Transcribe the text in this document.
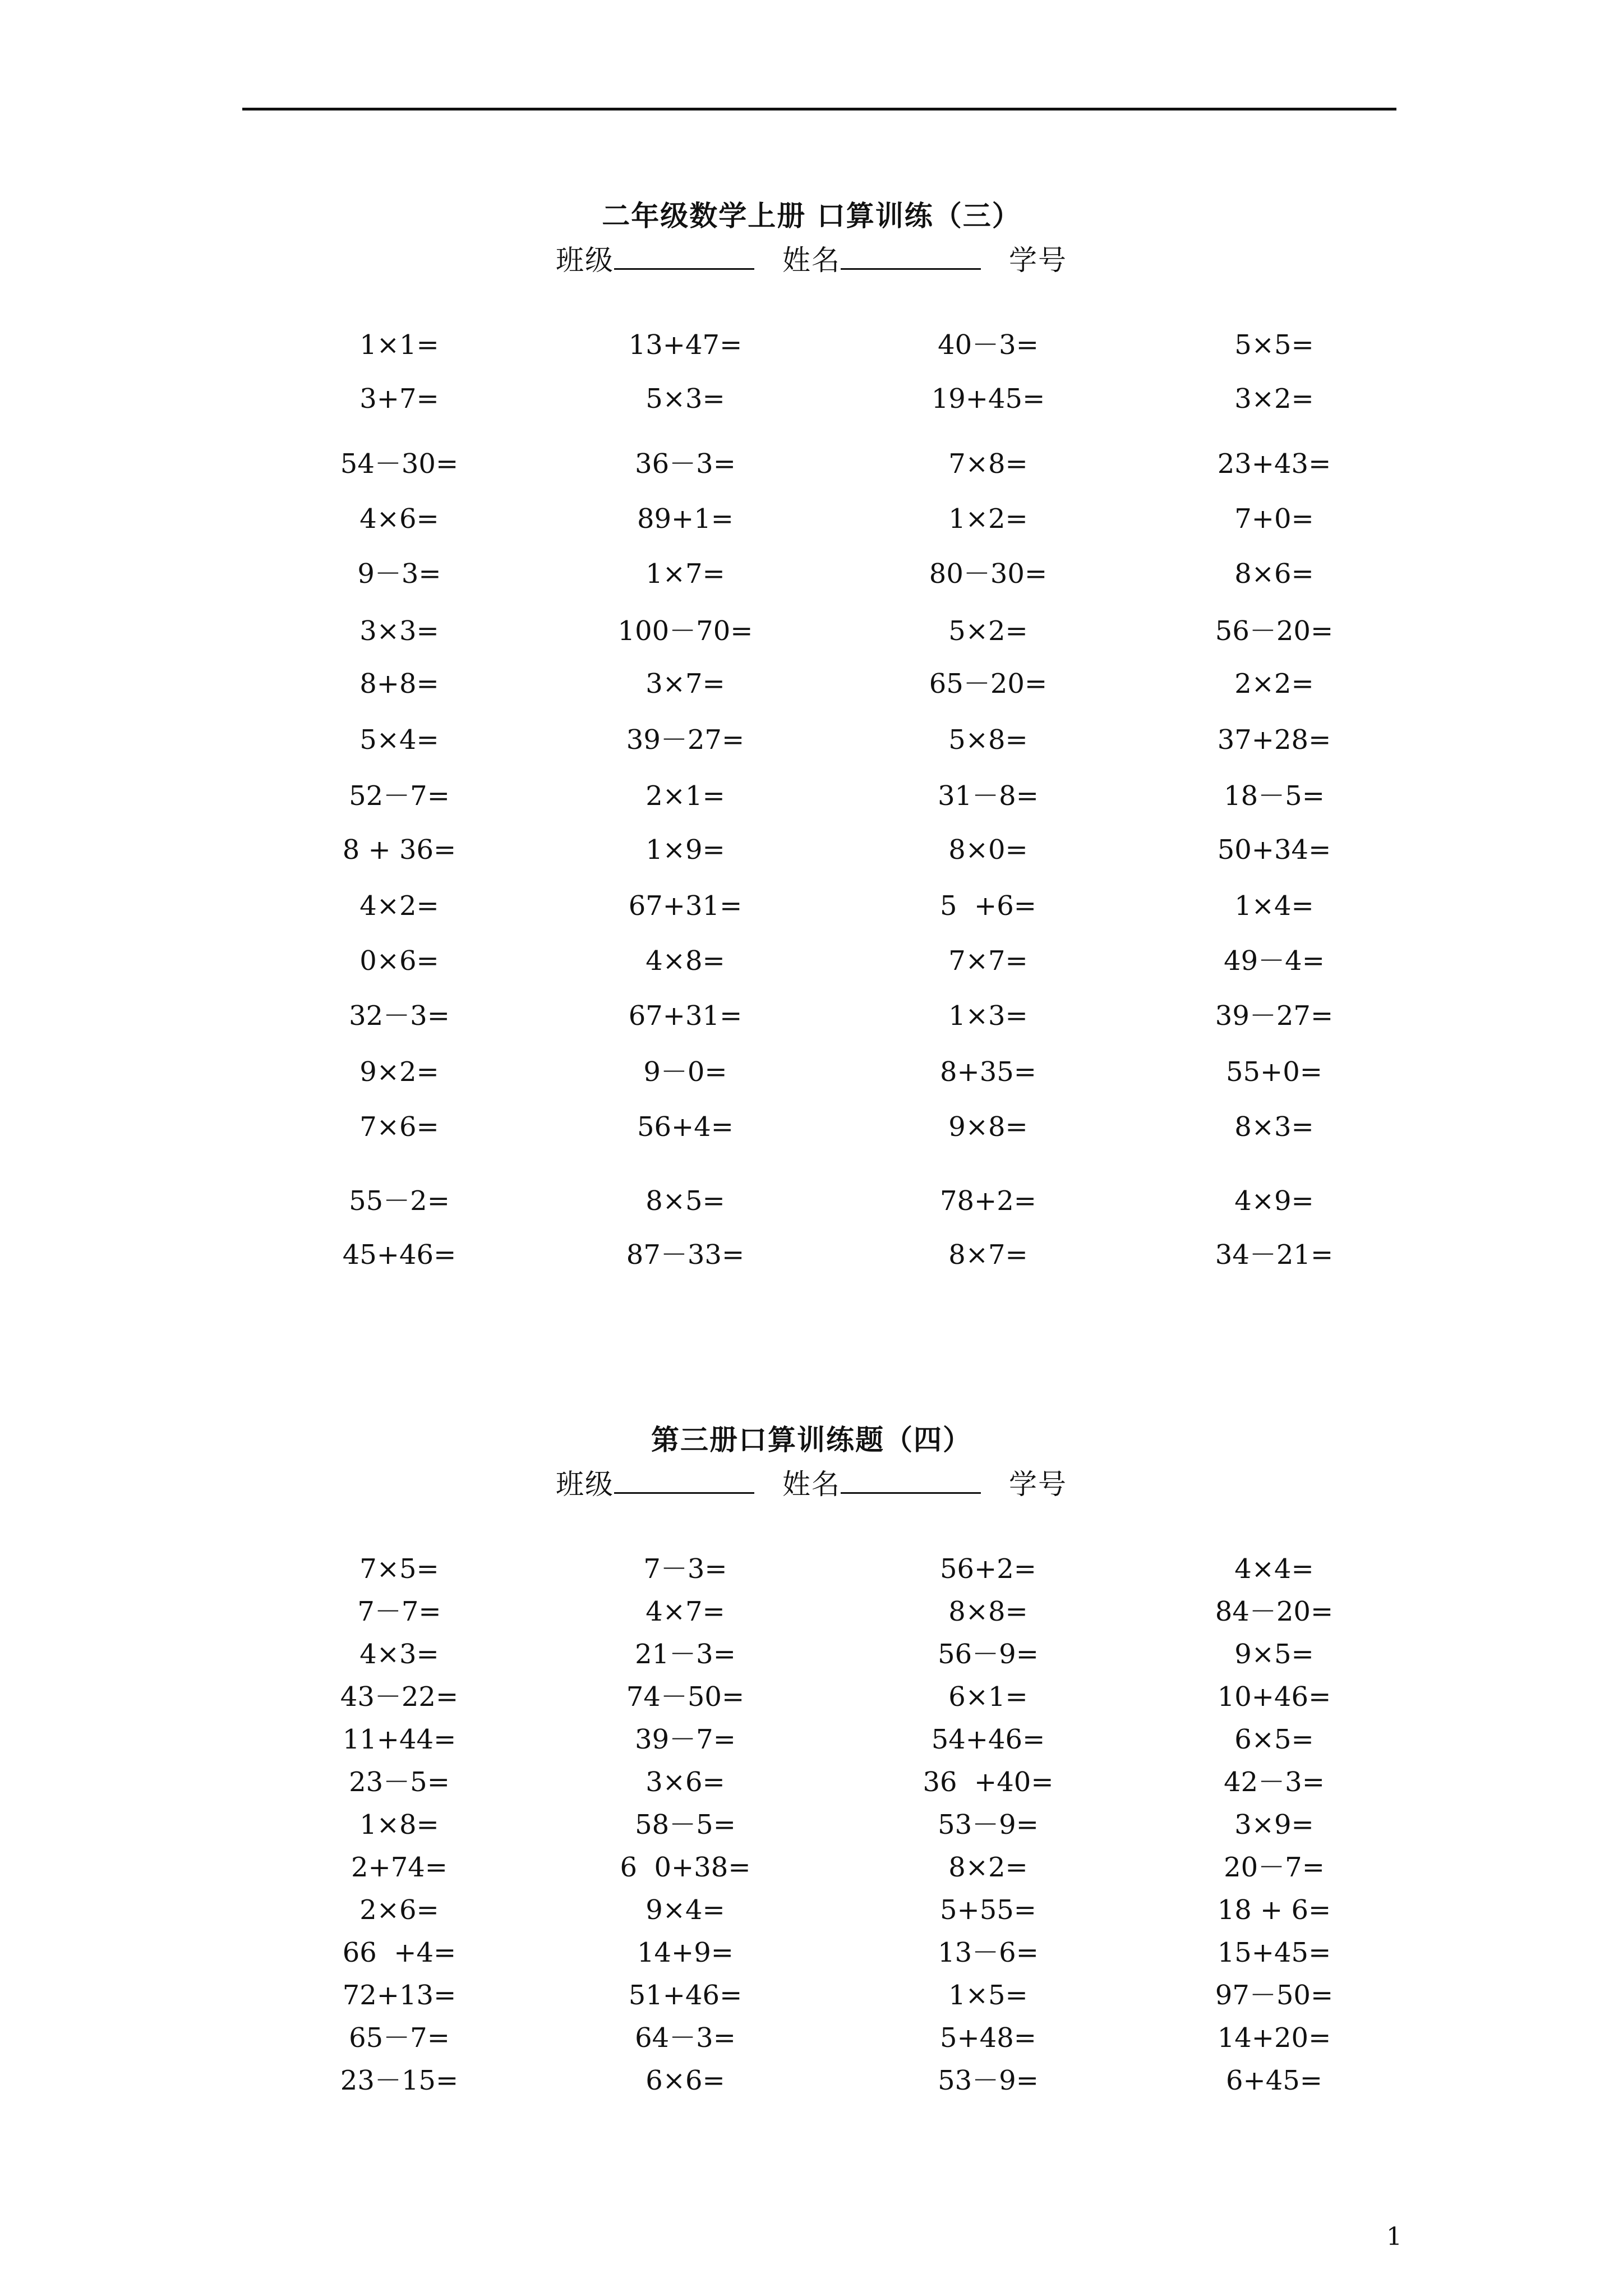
二年级数学上册 口算训练（三）
班级	姓名	学号
1×1=	13+47=	40－3=	5×5=
3+7=	5×3=	19+45=	3×2=
54－30=	36－3=	7×8=	23+43=
4×6=	89+1=	1×2=	7+0=
9－3=	1×7=	80－30=	8×6=
3×3=	100－70=	5×2=	56－20=
8+8=	3×7=	65－20=	2×2=
5×4=	39－27=	5×8=	37+28=
52－7=	2×1=	31－8=	18－5=
8 + 36=	1×9=	8×0=	50+34=
4×2=	67+31=	5  +6=	1×4=
0×6=	4×8=	7×7=	49－4=
32－3=	67+31=	1×3=	39－27=
9×2=	9－0=	8+35=	55+0=
7×6=	56+4=	9×8=	8×3=
55－2=	8×5=	78+2=	4×9=
45+46=	87－33=	8×7=	34－21=
第三册口算训练题（四）
班级	姓名	学号
7×5=	7－3=	56+2=	4×4=
7－7=	4×7=	8×8=	84－20=
4×3=	21－3=	56－9=	9×5=
43－22=	74－50=	6×1=	10+46=
11+44=	39－7=	54+46=	6×5=
23－5=	3×6=	36  +40=	42－3=
1×8=	58－5=	53－9=	3×9=
2+74=	6  0+38=	8×2=	20－7=
2×6=	9×4=	5+55=	18 + 6=
66  +4=	14+9=	13－6=	15+45=
72+13=	51+46=	1×5=	97－50=
65－7=	64－3=	5+48=	14+20=
23－15=	6×6=	53－9=	6+45=
1
